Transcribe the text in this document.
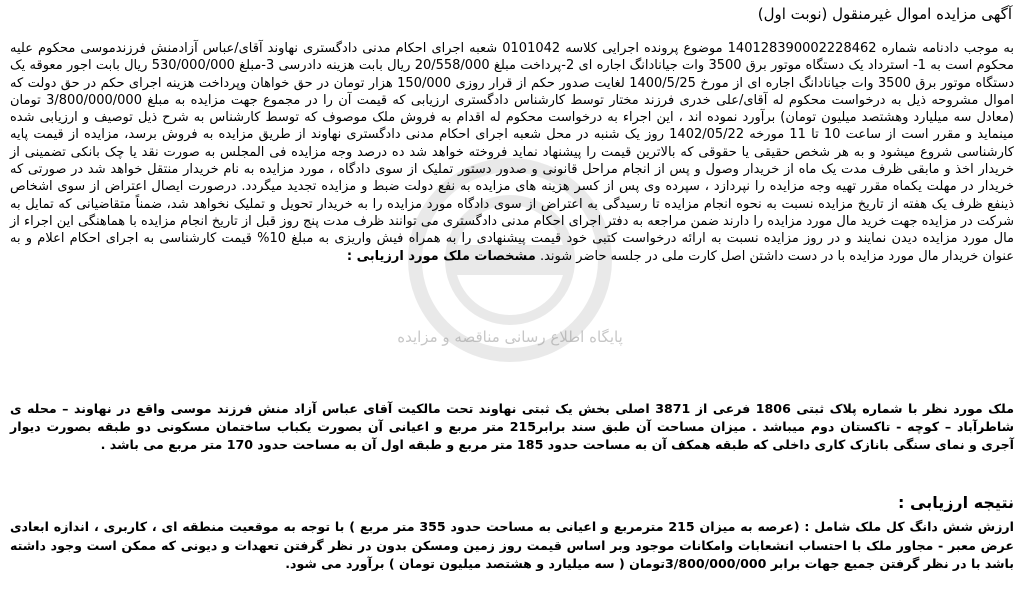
آگهی مزایده اموال غیرمنقول (نوبت اول)
به موجب دادنامه شماره 140128390002228462 موضوع پرونده اجرایی کلاسه 0101042 شعبه اجرای احکام مدنی دادگستری نهاوند آقای/عباس آزادمنش فرزندموسی محکوم علیه محکوم است به 1- استرداد یک دستگاه موتور برق 3500 وات جیانادانگ اجاره ای 2-پرداخت مبلغ 20/558/000 ریال بابت هزینه دادرسی 3-مبلغ 530/000/000 ریال بابت اجور معوقه یک دستگاه موتور برق 3500 وات جیانادانگ اجاره ای از مورخ 1400/5/25 لغایت صدور حکم از قرار روزی 150/000 هزار تومان در حق خواهان وپرداخت هزینه اجرای حکم در حق دولت که اموال مشروحه ذیل به درخواست محکوم له آقای/علی خدری فرزند مختار توسط کارشناس دادگستری ارزیابی که قیمت آن را در مجموع جهت مزایده به مبلغ 3/800/000/000 تومان (معادل سه میلیارد وهشتصد میلیون تومان) برآورد نموده اند ، این اجراء به درخواست محکوم له اقدام به فروش ملک موصوف که توسط کارشناس به شرح ذیل توصیف و ارزیابی شده مینماید و مقرر است از ساعت 10 تا 11 مورخه 1402/05/22 روز یک شنبه در محل شعبه اجرای احکام مدنی دادگستری نهاوند از طریق مزایده به فروش برسد، مزایده از قیمت پایه کارشناسی شروع میشود و به هر شخص حقیقی یا حقوقی که بالاترین قیمت را پیشنهاد نماید فروخته خواهد شد ده درصد وجه مزایده فی المجلس به صورت نقد یا چک بانکی تضمینی از خریدار اخذ و مابقی ظرف مدت یک ماه از خریدار وصول و پس از انجام مراحل قانونی و صدور دستور تملیک از سوی دادگاه ، مورد مزایده به نام خریدار منتقل خواهد شد در صورتی که خریدار در مهلت یکماه مقرر تهیه وجه مزایده را نپردازد ، سپرده وی پس از کسر هزینه های مزایده به نفع دولت ضبط و مزایده تجدید میگردد. درصورت ایصال اعتراض از سوی اشخاص ذینفع ظرف یک هفته از تاریخ مزایده نسبت به نحوه انجام مزایده تا رسیدگی به اعتراض از سوی دادگاه مورد مزایده را به خریدار تحویل و تملیک نخواهد شد، ضمناً متقاضیانی که تمایل به شرکت در مزایده جهت خرید مال مورد مزایده را دارند ضمن مراجعه به دفتر اجرای احکام مدنی دادگستری می توانند ظرف مدت پنج روز قبل از تاریخ انجام مزایده با هماهنگی این اجراء از مال مورد مزایده دیدن نمایند و در روز مزایده نسبت به ارائه درخواست کتبی خود قیمت پیشنهادی را به همراه فیش واریزی به مبلغ 10% قیمت کارشناسی به اجرای احکام اعلام و به عنوان خریدار مال مورد مزایده با در دست داشتن اصل کارت ملی در جلسه حاضر شوند. مشخصات ملک مورد ارزیابی :
ملک مورد نظر با شماره پلاک ثبتی 1806 فرعی از 3871 اصلی بخش یک ثبتی نهاوند تحت مالکیت آقای عباس آزاد منش فرزند موسی واقع در نهاوند – محله ی شاطرآباد – کوچه - تاکستان دوم میباشد . میزان مساحت آن طبق سند برابر215 متر مربع و اعیانی آن بصورت یکباب ساختمان مسکونی دو طبقه بصورت دیوار آجری و نمای سنگی بانازک کاری داخلی که طبقه همکف آن به مساحت حدود 185 متر مربع و طبقه اول آن به مساحت حدود 170 متر مربع می باشد .
نتیجه ارزیابی :
ارزش شش دانگ کل ملک شامل : (عرصه به میزان 215 مترمربع و اعیانی به مساحت حدود 355 متر مربع ) با توجه به موقعیت منطقه ای ، کاربری ، اندازه ابعادی عرض معبر - مجاور ملک با احتساب انشعابات وامکانات موجود وبر اساس قیمت روز زمین ومسکن بدون در نظر گرفتن تعهدات و دیونی که ممکن است وجود داشته باشد با در نظر گرفتن جمیع جهات برابر 3/800/000/000تومان ( سه میلیارد و هشتصد میلیون تومان ) برآورد می شود.
پایگاه اطلاع رسانی مناقصه و مزایده
